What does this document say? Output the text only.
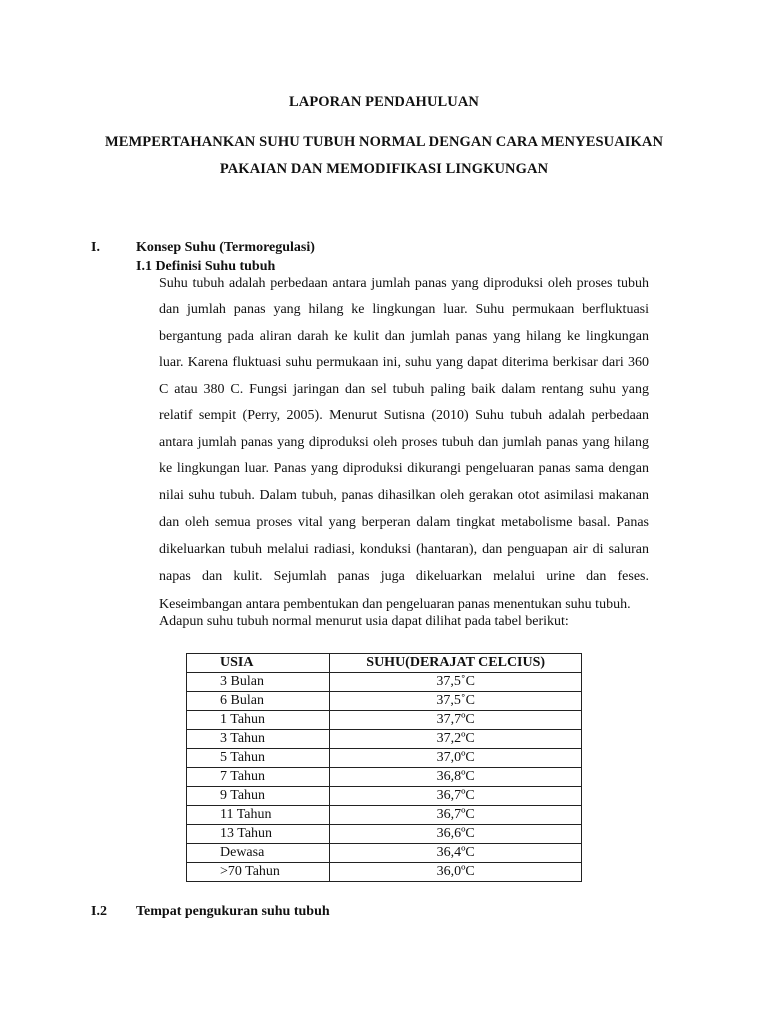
LAPORAN PENDAHULUAN
MEMPERTAHANKAN SUHU TUBUH NORMAL DENGAN CARA MENYESUAIKAN
PAKAIAN DAN MEMODIFIKASI LINGKUNGAN
I.	Konsep Suhu (Termoregulasi)
I.1 Definisi Suhu tubuh

Suhu tubuh adalah perbedaan antara jumlah panas yang diproduksi oleh proses tubuh

dan jumlah panas yang hilang ke lingkungan luar. Suhu permukaan berfluktuasi

bergantung pada aliran darah ke kulit dan jumlah panas yang hilang ke lingkungan

luar. Karena fluktuasi suhu permukaan ini, suhu yang dapat diterima berkisar dari 360

C atau 380 C. Fungsi jaringan dan sel tubuh paling baik dalam rentang suhu yang

relatif sempit (Perry, 2005). Menurut Sutisna (2010) Suhu tubuh adalah perbedaan

antara jumlah panas yang diproduksi oleh proses tubuh dan jumlah panas yang hilang

ke lingkungan luar. Panas yang diproduksi dikurangi pengeluaran panas sama dengan

nilai suhu tubuh. Dalam tubuh, panas dihasilkan oleh gerakan otot asimilasi makanan

dan oleh semua proses vital yang berperan dalam tingkat metabolisme basal. Panas

dikeluarkan tubuh melalui radiasi, konduksi (hantaran), dan penguapan air di saluran

napas dan kulit. Sejumlah panas juga dikeluarkan melalui urine dan feses.

Keseimbangan antara pembentukan dan pengeluaran panas menentukan suhu tubuh.
Adapun suhu tubuh normal menurut usia dapat dilihat pada tabel berikut:
USIA	SUHU(DERAJAT CELCIUS)
3 Bulan	37,5˚C
6 Bulan	37,5˚C
1 Tahun	37,7ºC
3 Tahun	37,2ºC
5 Tahun	37,0ºC
7 Tahun	36,8ºC
9 Tahun	36,7ºC
11 Tahun	36,7ºC
13 Tahun	36,6ºC
Dewasa	36,4ºC
>70 Tahun	36,0ºC
I.2 Tempat pengukuran suhu tubuh
